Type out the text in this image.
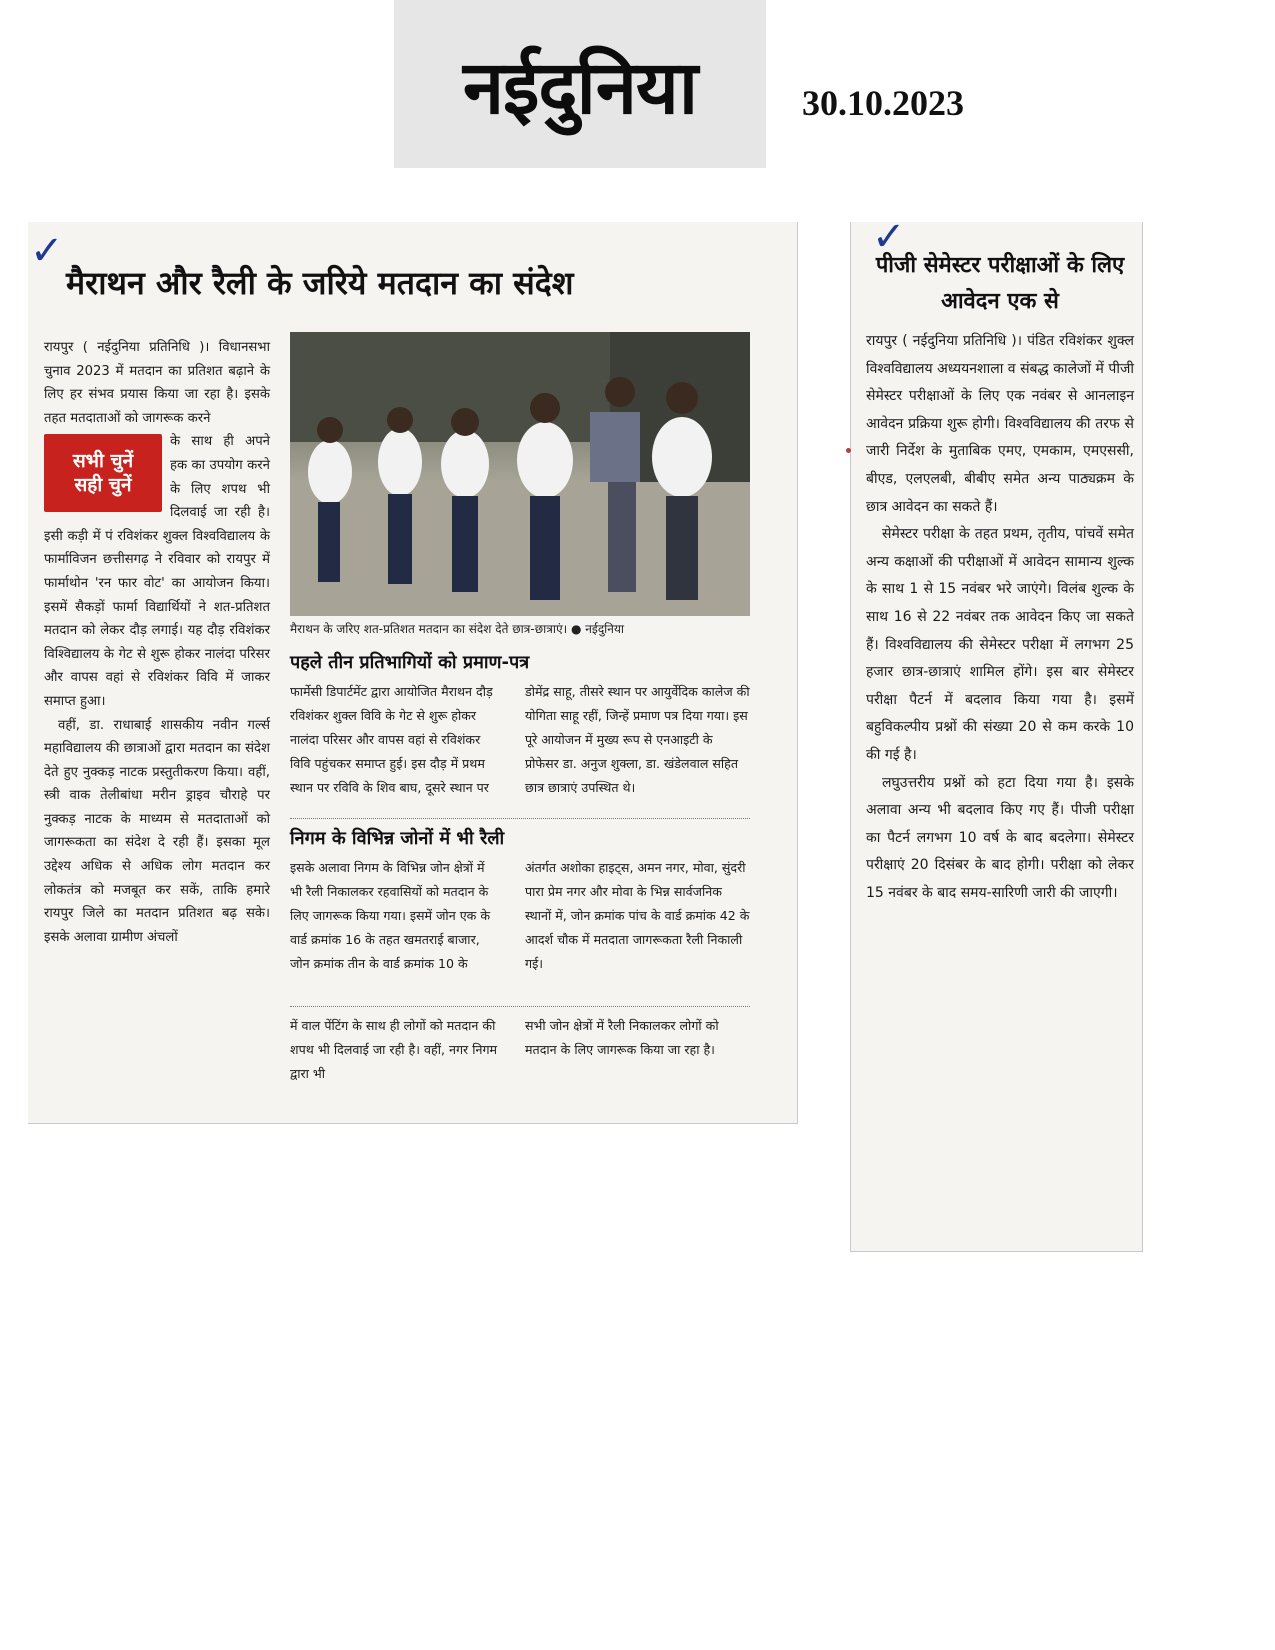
नईदुनिया	30.10.2023
✓
मैराथन और रैली के जरिये मतदान का संदेश

रायपुर ( नईदुनिया प्रतिनिधि )। विधानसभा चुनाव 2023 में मतदान का प्रतिशत बढ़ाने के लिए हर संभव प्रयास किया जा रहा है। इसके तहत मतदाताओं को जागरूक करने

सभी चुनें
सही चुनें

के साथ ही अपने हक का उपयोग करने के लिए शपथ भी दिलवाई जा रही है। इसी कड़ी में पं रविशंकर शुक्ल विश्वविद्यालय के फार्माविजन छत्तीसगढ़ ने रविवार को रायपुर में फार्माथोन 'रन फार वोट' का आयोजन किया। इसमें सैकड़ों फार्मा विद्यार्थियों ने शत-प्रतिशत मतदान को लेकर दौड़ लगाई। यह दौड़ रविशंकर विश्विद्यालय के गेट से शुरू होकर नालंदा परिसर और वापस वहां से रविशंकर विवि में जाकर समाप्त हुआ।

वहीं, डा. राधाबाई शासकीय नवीन गर्ल्स महाविद्यालय की छात्राओं द्वारा मतदान का संदेश देते हुए नुक्कड़ नाटक प्रस्तुतीकरण किया। वहीं, स्त्री वाक तेलीबांधा मरीन ड्राइव चौराहे पर नुक्कड़ नाटक के माध्यम से मतदाताओं को जागरूकता का संदेश दे रही हैं। इसका मूल उद्देश्य अधिक से अधिक लोग मतदान कर लोकतंत्र को मजबूत कर सकें, ताकि हमारे रायपुर जिले का मतदान प्रतिशत बढ़ सके। इसके अलावा ग्रामीण अंचलों

मैराथन के जरिए शत-प्रतिशत मतदान का संदेश देते छात्र-छात्राएं। ● नईदुनिया
पहले तीन प्रतिभागियों को प्रमाण-पत्र

फार्मेसी डिपार्टमेंट द्वारा आयोजित मैराथन दौड़ रविशंकर शुक्ल विवि के गेट से शुरू होकर नालंदा परिसर और वापस वहां से रविशंकर विवि पहुंचकर समाप्त हुई। इस दौड़ में प्रथम स्थान पर रविवि के शिव बाघ, दूसरे स्थान पर

डोमेंद्र साहू, तीसरे स्थान पर आयुर्वेदिक कालेज की योगिता साहू रहीं, जिन्हें प्रमाण पत्र दिया गया। इस पूरे आयोजन में मुख्य रूप से एनआइटी के प्रोफेसर डा. अनुज शुक्ला, डा. खंडेलवाल सहित छात्र छात्राएं उपस्थित थे।

निगम के विभिन्न जोनों में भी रैली

इसके अलावा निगम के विभिन्न जोन क्षेत्रों में भी रैली निकालकर रहवासियों को मतदान के लिए जागरूक किया गया। इसमें जोन एक के वार्ड क्रमांक 16 के तहत खमतराई बाजार, जोन क्रमांक तीन के वार्ड क्रमांक 10 के

अंतर्गत अशोका हाइट्स, अमन नगर, मोवा, सुंदरी पारा प्रेम नगर और मोवा के भिन्न सार्वजनिक स्थानों में, जोन क्रमांक पांच के वार्ड क्रमांक 42 के आदर्श चौक में मतदाता जागरूकता रैली निकाली गई।

में वाल पेंटिंग के साथ ही लोगों को मतदान की शपथ भी दिलवाई जा रही है। वहीं, नगर निगम द्वारा भी

सभी जोन क्षेत्रों में रैली निकालकर लोगों को मतदान के लिए जागरूक किया जा रहा है।

✓
पीजी सेमेस्टर परीक्षाओं के लिए आवेदन एक से

रायपुर ( नईदुनिया प्रतिनिधि )। पंडित रविशंकर शुक्ल विश्वविद्यालय अध्ययनशाला व संबद्ध कालेजों में पीजी सेमेस्टर परीक्षाओं के लिए एक नवंबर से आनलाइन आवेदन प्रक्रिया शुरू होगी। विश्वविद्यालय की तरफ से जारी निर्देश के मुताबिक एमए, एमकाम, एमएससी, बीएड, एलएलबी, बीबीए समेत अन्य पाठ्यक्रम के छात्र आवेदन का सकते हैं।

सेमेस्टर परीक्षा के तहत प्रथम, तृतीय, पांचवें समेत अन्य कक्षाओं की परीक्षाओं में आवेदन सामान्य शुल्क के साथ 1 से 15 नवंबर भरे जाएंगे। विलंब शुल्क के साथ 16 से 22 नवंबर तक आवेदन किए जा सकते हैं। विश्वविद्यालय की सेमेस्टर परीक्षा में लगभग 25 हजार छात्र-छात्राएं शामिल होंगे। इस बार सेमेस्टर परीक्षा पैटर्न में बदलाव किया गया है। इसमें बहुविकल्पीय प्रश्नों की संख्या 20 से कम करके 10 की गई है।

लघुउत्तरीय प्रश्नों को हटा दिया गया है। इसके अलावा अन्य भी बदलाव किए गए हैं। पीजी परीक्षा का पैटर्न लगभग 10 वर्ष के बाद बदलेगा। सेमेस्टर परीक्षाएं 20 दिसंबर के बाद होगी। परीक्षा को लेकर 15 नवंबर के बाद समय-सारिणी जारी की जाएगी।
